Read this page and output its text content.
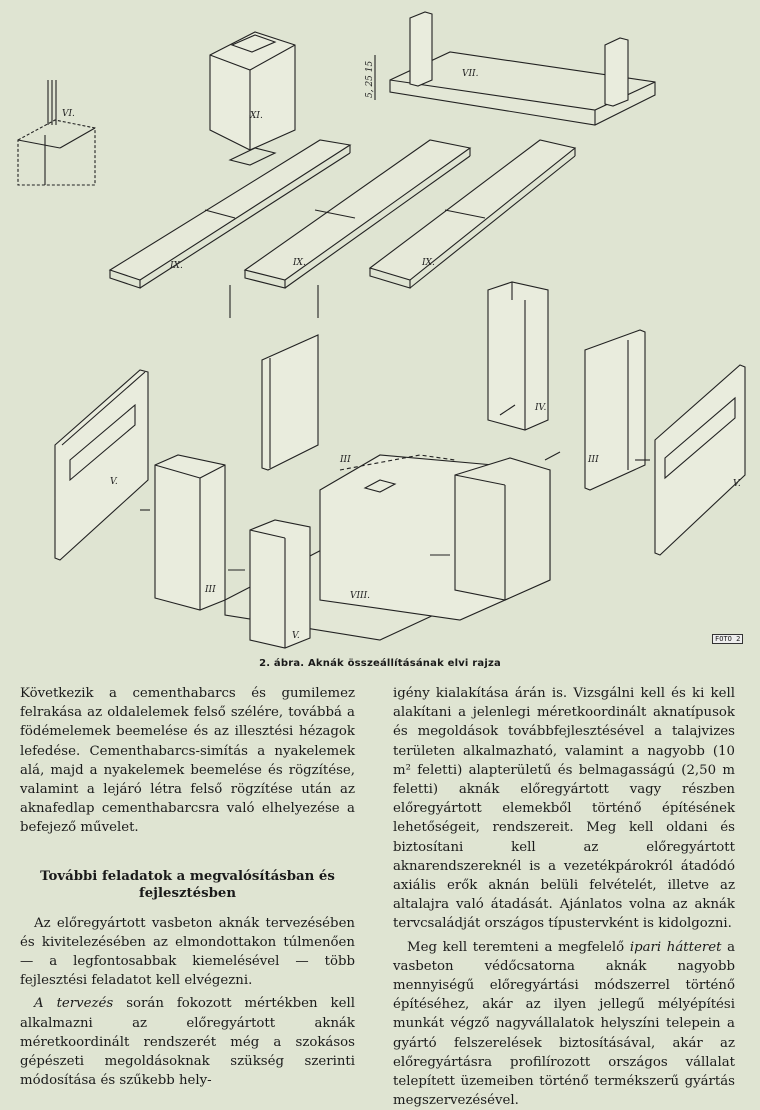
VI.	XI.
VII.
IX.	IX.	IX.
V.	V.
V.
III
III	III
IV.
VIII.
5, 25 15
FOTO 2
2. ábra. Aknák összeállításának elvi rajza

Következik a cementhabarcs és gumilemez felrakása az oldalelemek felső szélére, továbbá a födémelemek beemelése és az illesztési hézagok lefedése. Cementhabarcs-simítás a nyakelemek alá, majd a nyakelemek beemelése és rögzítése, valamint a lejáró létra felső rögzítése után az aknafedlap cementhabarcsra való elhelyezése a befejező művelet.

További feladatok a megvalósításban és fejlesztésben

Az előregyártott vasbeton aknák tervezésében és kivitelezésében az elmondottakon túlmenően — a legfontosabbak kiemelésével — több fejlesztési feladatot kell elvégezni.

A tervezés során fokozott mértékben kell alkalmazni az előregyártott aknák méretkoordinált rendszerét még a szokásos gépészeti megoldásoknak szükség szerinti módosítása és szűkebb hely-

igény kialakítása árán is. Vizsgálni kell és ki kell alakítani a jelenlegi méretkoordinált aknatípusok és megoldások továbbfejlesztésével a talajvizes területen alkalmazható, valamint a nagyobb (10 m² feletti) alapterületű és belmagasságú (2,50 m feletti) aknák előregyártott vagy részben előregyártott elemekből történő építésének lehetőségeit, rendszereit. Meg kell oldani és biztosítani kell az előregyártott aknarendszereknél is a vezetékpárokról átadódó axiális erők aknán belüli felvételét, illetve az altalajra való átadását. Ajánlatos volna az aknák tervcsaládját országos típustervként is kidolgozni.

Meg kell teremteni a megfelelő ipari hátteret a vasbeton védőcsatorna aknák nagyobb mennyiségű előregyártási módszerrel történő építéséhez, akár az ilyen jellegű mélyépítési munkát végző nagyvállalatok helyszíni telepein a gyártó felszerelések biztosításával, akár az előregyártásra profilírozott országos vállalat telepített üzemeiben történő termékszerű gyártás megszervezésével.
